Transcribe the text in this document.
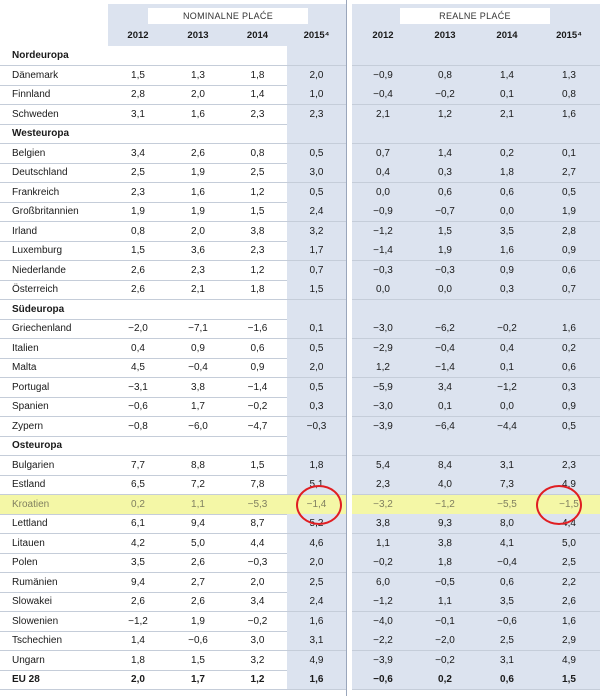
NOMINALNE PLAĆE	REALNE PLAĆE
2012	2013	2014	2015⁴	2012	2013	2014	2015⁴
Nordeuropa
Dänemark	1,5	1,3	1,8	2,0	−0,9	0,8	1,4	1,3
Finnland	2,8	2,0	1,4	1,0	−0,4	−0,2	0,1	0,8
Schweden	3,1	1,6	2,3	2,3	2,1	1,2	2,1	1,6
Westeuropa
Belgien	3,4	2,6	0,8	0,5	0,7	1,4	0,2	0,1
Deutschland	2,5	1,9	2,5	3,0	0,4	0,3	1,8	2,7
Frankreich	2,3	1,6	1,2	0,5	0,0	0,6	0,6	0,5
Großbritannien	1,9	1,9	1,5	2,4	−0,9	−0,7	0,0	1,9
Irland	0,8	2,0	3,8	3,2	−1,2	1,5	3,5	2,8
Luxemburg	1,5	3,6	2,3	1,7	−1,4	1,9	1,6	0,9
Niederlande	2,6	2,3	1,2	0,7	−0,3	−0,3	0,9	0,6
Österreich	2,6	2,1	1,8	1,5	0,0	0,0	0,3	0,7
Südeuropa
Griechenland	−2,0	−7,1	−1,6	0,1	−3,0	−6,2	−0,2	1,6
Italien	0,4	0,9	0,6	0,5	−2,9	−0,4	0,4	0,2
Malta	4,5	−0,4	0,9	2,0	1,2	−1,4	0,1	0,6
Portugal	−3,1	3,8	−1,4	0,5	−5,9	3,4	−1,2	0,3
Spanien	−0,6	1,7	−0,2	0,3	−3,0	0,1	0,0	0,9
Zypern	−0,8	−6,0	−4,7	−0,3	−3,9	−6,4	−4,4	0,5
Osteuropa
Bulgarien	7,7	8,8	1,5	1,8	5,4	8,4	3,1	2,3
Estland	6,5	7,2	7,8	5,1	2,3	4,0	7,3	4,9
Kroatien	0,2	1,1	−5,3	−1,4	−3,2	−1,2	−5,5	−1,5
Lettland	6,1	9,4	8,7	5,2	3,8	9,3	8,0	4,4
Litauen	4,2	5,0	4,4	4,6	1,1	3,8	4,1	5,0
Polen	3,5	2,6	−0,3	2,0	−0,2	1,8	−0,4	2,5
Rumänien	9,4	2,7	2,0	2,5	6,0	−0,5	0,6	2,2
Slowakei	2,6	2,6	3,4	2,4	−1,2	1,1	3,5	2,6
Slowenien	−1,2	1,9	−0,2	1,6	−4,0	−0,1	−0,6	1,6
Tschechien	1,4	−0,6	3,0	3,1	−2,2	−2,0	2,5	2,9
Ungarn	1,8	1,5	3,2	4,9	−3,9	−0,2	3,1	4,9
EU 28	2,0	1,7	1,2	1,6	−0,6	0,2	0,6	1,5
